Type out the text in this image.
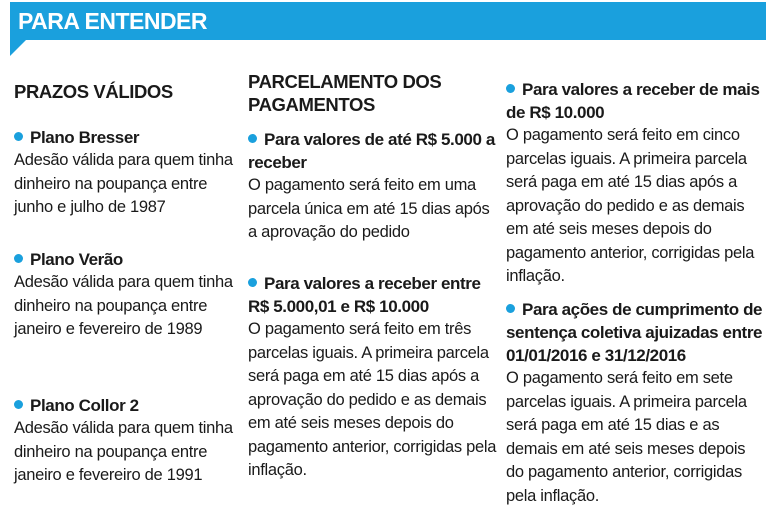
PARA ENTENDER
PRAZOS VÁLIDOS
Plano Bresser
Adesão válida para quem tinha dinheiro na poupança entre junho e julho de 1987
Plano Verão
Adesão válida para quem tinha dinheiro na poupança entre janeiro e fevereiro de 1989
Plano Collor 2
Adesão válida para quem tinha dinheiro na poupança entre janeiro e fevereiro de 1991
PARCELAMENTO DOS PAGAMENTOS
Para valores de até R$ 5.000 a receber
O pagamento será feito em uma parcela única em até 15 dias após a aprovação do pedido
Para valores a receber entre R$ 5.000,01 e R$ 10.000
O pagamento será feito em três parcelas iguais. A primeira parcela será paga em até 15 dias após a aprovação do pedido e as demais em até seis meses depois do pagamento anterior, corrigidas pela inflação.
Para valores a receber de mais de R$ 10.000
O pagamento será feito em cinco parcelas iguais. A primeira parcela será paga em até 15 dias após a aprovação do pedido e as demais em até seis meses depois do pagamento anterior, corrigidas pela inflação.
Para ações de cumprimento de sentença coletiva ajuizadas entre 01/01/2016 e 31/12/2016
O pagamento será feito em sete parcelas iguais. A primeira parcela será paga em até 15 dias e as demais em até seis meses depois do pagamento anterior, corrigidas pela inflação.
